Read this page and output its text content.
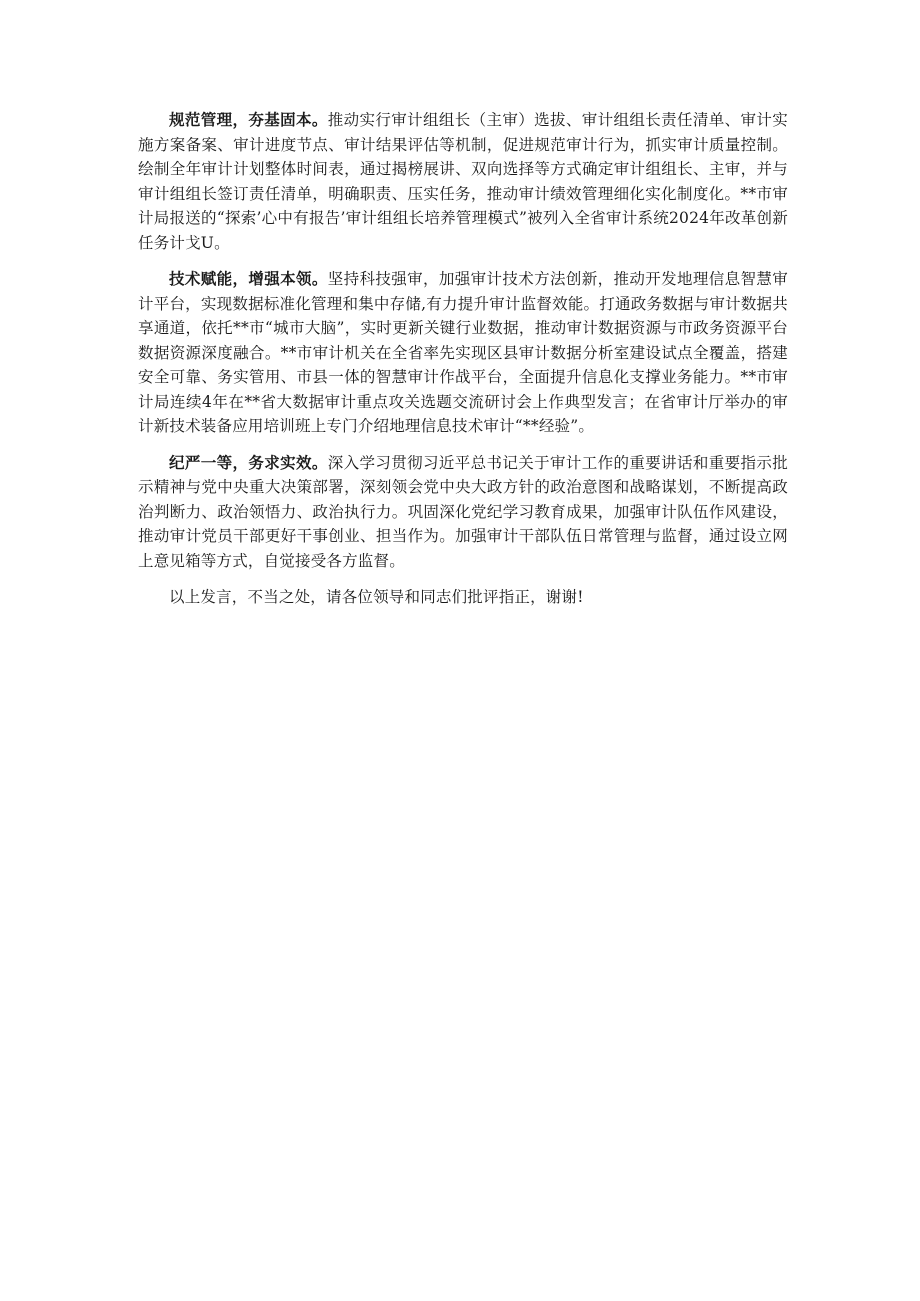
规范管理，夯基固本。推动实行审计组组长（主审）选拔、审计组组长责任清单、审计实施方案备案、审计进度节点、审计结果评估等机制，促进规范审计行为，抓实审计质量控制。绘制全年审计计划整体时间表，通过揭榜展讲、双向选择等方式确定审计组组长、主审，并与审计组组长签订责任清单，明确职责、压实任务，推动审计绩效管理细化实化制度化。**市审计局报送的“探索’心中有报告’审计组组长培养管理模式”被列入全省审计系统2024年改革创新任务计戈U。

技术赋能，增强本领。坚持科技强审，加强审计技术方法创新，推动开发地理信息智慧审计平台，实现数据标准化管理和集中存储,有力提升审计监督效能。打通政务数据与审计数据共享通道，依托**市“城市大脑”，实时更新关键行业数据，推动审计数据资源与市政务资源平台数据资源深度融合。**市审计机关在全省率先实现区县审计数据分析室建设试点全覆盖，搭建安全可靠、务实管用、市县一体的智慧审计作战平台，全面提升信息化支撑业务能力。**市审计局连续4年在**省大数据审计重点攻关选题交流研讨会上作典型发言；在省审计厅举办的审计新技术装备应用培训班上专门介绍地理信息技术审计“**经验”。

纪严一等，务求实效。深入学习贯彻习近平总书记关于审计工作的重要讲话和重要指示批示精神与党中央重大决策部署，深刻领会党中央大政方针的政治意图和战略谋划，不断提高政治判断力、政治领悟力、政治执行力。巩固深化党纪学习教育成果，加强审计队伍作风建设，推动审计党员干部更好干事创业、担当作为。加强审计干部队伍日常管理与监督，通过设立网上意见箱等方式，自觉接受各方监督。

以上发言，不当之处，请各位领导和同志们批评指正，谢谢!
